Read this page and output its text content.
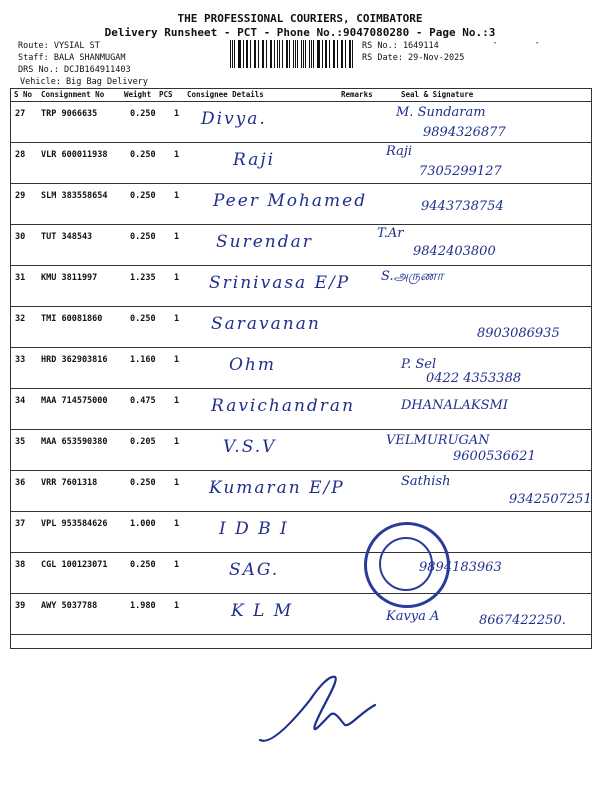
THE PROFESSIONAL COURIERS, COIMBATORE
Delivery Runsheet - PCT - Phone No.:9047080280 - Page No.:3
Route: VYSIAL ST
Staff: BALA SHANMUGAM
DRS No.: DCJB164911403
Vehicle: Big Bag Delivery
RS No.: 1649114
RS Date: 29-Nov-2025
·      ·
S No Consignment No	Weight PCS Consignee Details	Remarks	Seal & Signature
27 TRP 9066635	0.250 1 Divya.	M. Sundaram
9894326877
28 VLR 600011938	0.250 1	Raji	Raji
7305299127
29 SLM 383558654	0.250 1 Peer Mohamed	9443738754
30 TUT 348543	0.250 1 Surendar	T.Ar
9842403800
31 KMU 3811997	1.235 1 Srinivasa E/P S.அருணா
32 TMI 60081860	0.250 1 Saravanan	8903086935
33 HRD 362903816	1.160 1	Ohm	P. Sel
0422 4353388
34 MAA 714575000	0.475 1 Ravichandran	DHANALAKSMI
35 MAA 653590380	0.205 1	V.S.V	VELMURUGAN
9600536621
36 VRR 7601318	0.250 1 Kumaran E/P	Sathish
9342507251
37 VPL 953584626	1.000 1 I D B I
38 CGL 100123071	0.250 1	SAG.	9894183963
39 AWY 5037788	1.980 1	K L M	Kavya A	8667422250.
